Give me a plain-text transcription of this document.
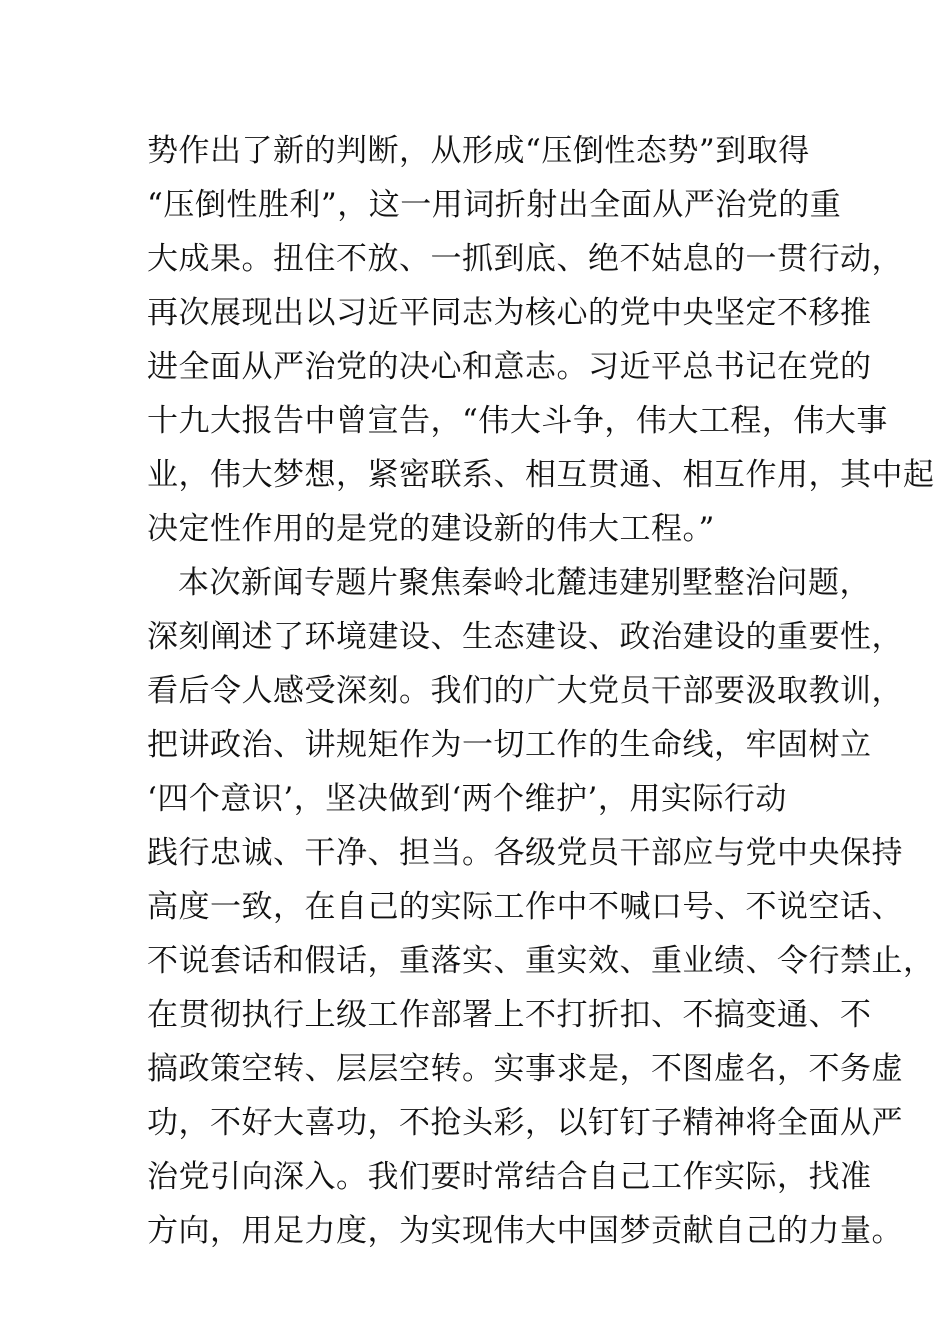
势作出了新的判断，从形成“压倒性态势”到取得
“压倒性胜利”，这一用词折射出全面从严治党的重
大成果。扭住不放、一抓到底、绝不姑息的一贯行动，
再次展现出以习近平同志为核心的党中央坚定不移推
进全面从严治党的决心和意志。习近平总书记在党的
十九大报告中曾宣告，“伟大斗争，伟大工程，伟大事
业，伟大梦想，紧密联系、相互贯通、相互作用，其中起
决定性作用的是党的建设新的伟大工程。”
本次新闻专题片聚焦秦岭北麓违建别墅整治问题，
深刻阐述了环境建设、生态建设、政治建设的重要性，
看后令人感受深刻。我们的广大党员干部要汲取教训，
把讲政治、讲规矩作为一切工作的生命线，牢固树立
‘四个意识’，坚决做到‘两个维护’，用实际行动
践行忠诚、干净、担当。各级党员干部应与党中央保持
高度一致，在自己的实际工作中不喊口号、不说空话、
不说套话和假话，重落实、重实效、重业绩、令行禁止，
在贯彻执行上级工作部署上不打折扣、不搞变通、不
搞政策空转、层层空转。实事求是，不图虚名，不务虚
功，不好大喜功，不抢头彩，以钉钉子精神将全面从严
治党引向深入。我们要时常结合自己工作实际，找准
方向，用足力度，为实现伟大中国梦贡献自己的力量。
